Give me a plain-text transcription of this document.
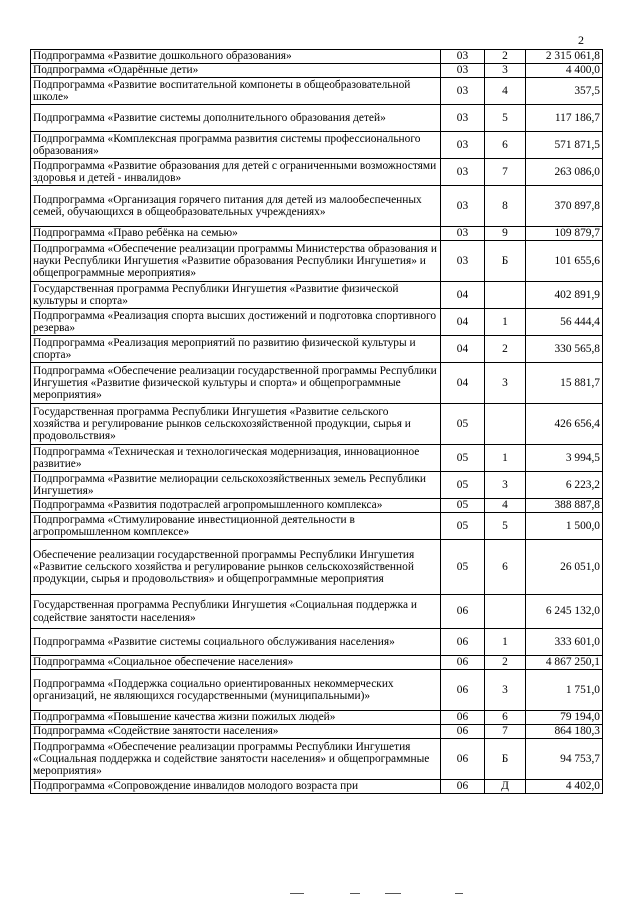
2
Подпрограмма «Развитие дошкольного образования»	03	2	2 315 061,8
Подпрограмма «Одарённые дети»	03	3	4 400,0
Подпрограмма «Развитие воспитательной компонеты в общеобразовательной школе»	03	4	357,5
Подпрограмма «Развитие системы дополнительного образования детей»	03	5	117 186,7
Подпрограмма «Комплексная программа развития системы профессионального образования»	03	6	571 871,5
Подпрограмма «Развитие образования для детей с ограниченными возможностями здоровья и детей - инвалидов»	03	7	263 086,0
Подпрограмма «Организация горячего питания для детей из малообеспеченных семей, обучающихся в общеобразовательных учреждениях»	03	8	370 897,8
Подпрограмма «Право ребёнка на семью»	03	9	109 879,7
Подпрограмма «Обеспечение реализации программы Министерства образования и науки Республики Ингушетия «Развитие образования Республики Ингушетия» и общепрограммные мероприятия»	03	Б	101 655,6
Государственная программа Республики Ингушетия «Развитие физической культуры и спорта»	04		402 891,9
Подпрограмма «Реализация спорта высших достижений и подготовка спортивного резерва»	04	1	56 444,4
Подпрограмма «Реализация мероприятий по развитию физической культуры и спорта»	04	2	330 565,8
Подпрограмма «Обеспечение реализации государственной программы Республики Ингушетия «Развитие физической культуры и спорта» и общепрограммные мероприятия»	04	3	15 881,7
Государственная программа Республики Ингушетия «Развитие сельского хозяйства и регулирование рынков сельскохозяйственной продукции, сырья и продовольствия»	05		426 656,4
Подпрограмма «Техническая и технологическая модернизация, инновационное развитие»	05	1	3 994,5
Подпрограмма «Развитие мелиорации сельскохозяйственных земель Республики Ингушетия»	05	3	6 223,2
Подпрограмма «Развития подотраслей агропромышленного комплекса»	05	4	388 887,8
Подпрограмма «Стимулирование инвестиционной деятельности в агропромышленном комплексе»	05	5	1 500,0
Обеспечение реализации государственной программы Республики Ингушетия «Развитие сельского хозяйства и регулирование рынков сельскохозяйственной продукции, сырья и продовольствия» и общепрограммные мероприятия	05	6	26 051,0
Государственная программа Республики Ингушетия «Социальная поддержка и содействие занятости населения»	06		6 245 132,0
Подпрограмма «Развитие системы социального обслуживания населения»	06	1	333 601,0
Подпрограмма «Социальное обеспечение населения»	06	2	4 867 250,1
Подпрограмма «Поддержка социально ориентированных некоммерческих организаций, не являющихся государственными (муниципальными)»	06	3	1 751,0
Подпрограмма «Повышение качества жизни пожилых людей»	06	6	79 194,0
Подпрограмма «Содействие занятости населения»	06	7	864 180,3
Подпрограмма «Обеспечение реализации программы Республики Ингушетия «Социальная поддержка и содействие занятости населения» и общепрограммные мероприятия»	06	Б	94 753,7
Подпрограмма «Сопровождение инвалидов молодого возраста при	06	Д	4 402,0
